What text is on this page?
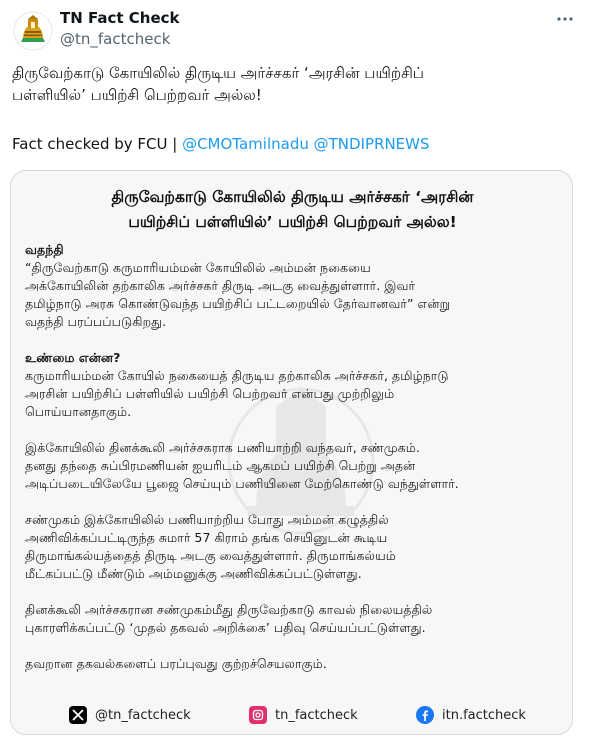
TN Fact Check
@tn_factcheck
திருவேற்காடு கோயிலில் திருடிய அர்ச்சகர் ‘அரசின் பயிற்சிப்
பள்ளியில்’ பயிற்சி பெற்றவர் அல்ல!
Fact checked by FCU | @CMOTamilnadu @TNDIPRNEWS
திருவேற்காடு கோயிலில் திருடிய அர்ச்சகர் ‘அரசின்
பயிற்சிப் பள்ளியில்’ பயிற்சி பெற்றவர் அல்ல!
வதந்தி
“திருவேற்காடு கருமாரியம்மன் கோயிலில் அம்மன் நகையை
அக்கோயிலின் தற்காலிக அர்ச்சகர் திருடி அடகு வைத்துள்ளார். இவர்
தமிழ்நாடு அரசு கொண்டுவந்த பயிற்சிப் பட்டறையில் தேர்வானவர்” என்று
வதந்தி பரப்பப்படுகிறது.
உண்மை என்ன?
கருமாரியம்மன் கோயில் நகையைத் திருடிய தற்காலிக அர்ச்சகர், தமிழ்நாடு
அரசின் பயிற்சிப் பள்ளியில் பயிற்சி பெற்றவர் என்பது முற்றிலும்
பொய்யானதாகும்.
இக்கோயிலில் தினக்கூலி அர்ச்சகராக பணியாற்றி வந்தவர், சண்முகம்.
தனது தந்தை சுப்பிரமணியன் ஐயரிடம் ஆகமப் பயிற்சி பெற்று அதன்
அடிப்படையிலேயே பூஜை செய்யும் பணியினை மேற்கொண்டு வந்துள்ளார்.
சண்முகம் இக்கோயிலில் பணியாற்றிய போது அம்மன் கழுத்தில்
அணிவிக்கப்பட்டிருந்த சுமார் 57 கிராம் தங்க செயினுடன் கூடிய
திருமாங்கல்யத்தைத் திருடி அடகு வைத்துள்ளார். திருமாங்கல்யம்
மீட்கப்பட்டு மீண்டும் அம்மனுக்கு அணிவிக்கப்பட்டுள்ளது.
தினக்கூலி அர்ச்சகரான சண்முகம்மீது திருவேற்காடு காவல் நிலையத்தில்
புகாரளிக்கப்பட்டு ‘முதல் தகவல் அறிக்கை’ பதிவு செய்யப்பட்டுள்ளது.
தவறான தகவல்களைப் பரப்புவது குற்றச்செயலாகும்.
@tn_factcheck	tn_factcheck	itn.factcheck
